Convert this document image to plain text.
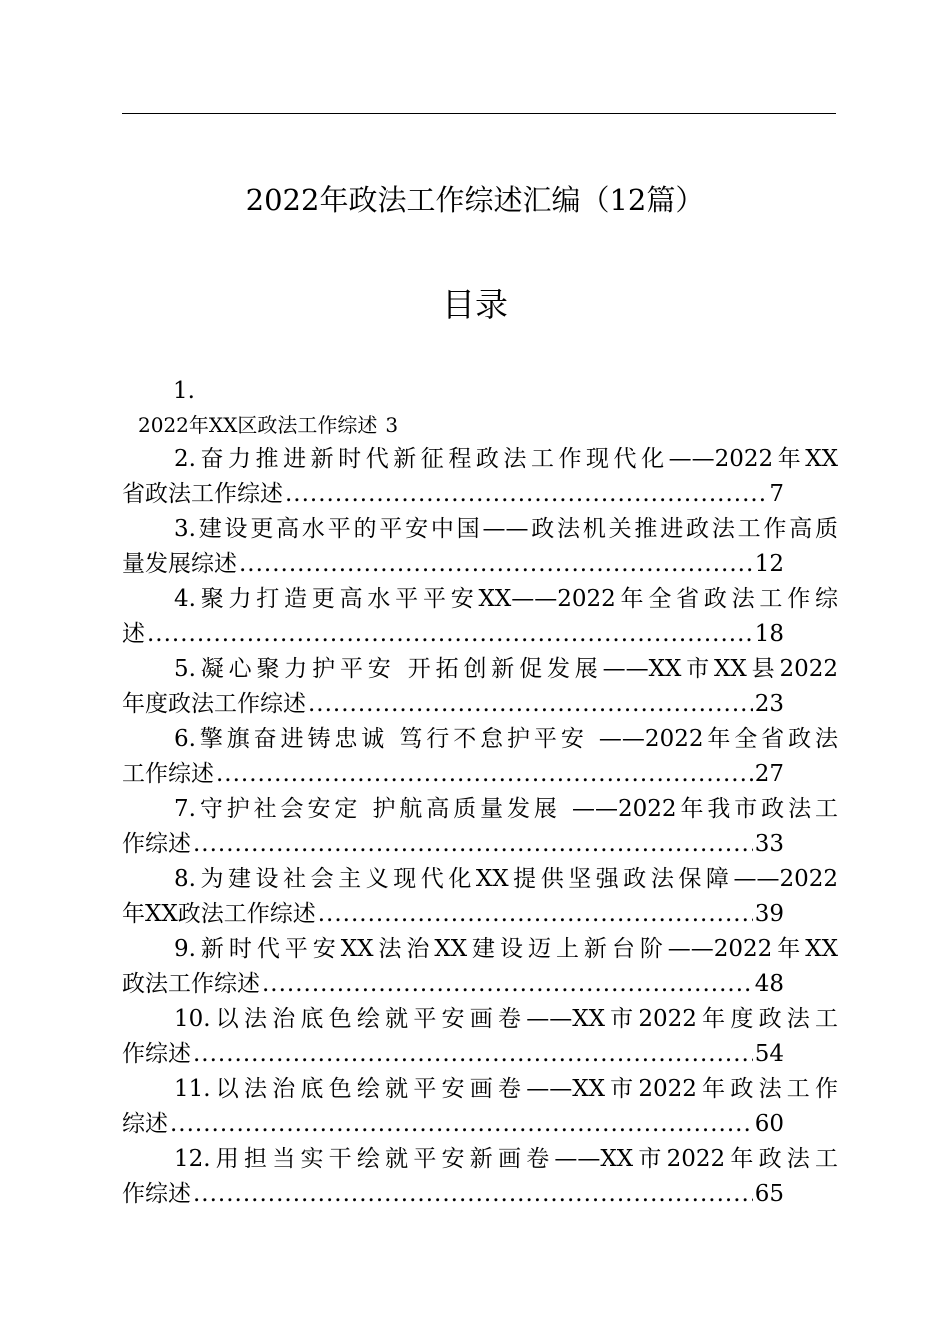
2022年政法工作综述汇编（12篇）
目录
1.
2022年XX区政法工作综述 3
2.奋力推进新时代新征程政法工作现代化——2022年XX
省政法工作综述 .....	7
3.建设更高水平的平安中国——政法机关推进政法工作高质
量发展综述 .....	12
4.聚力打造更高水平平安XX——2022年全省政法工作综
述 .....	18
5.凝心聚力护平安 开拓创新促发展——XX市XX县2022
年度政法工作综述 .....	23
6.擎旗奋进铸忠诚 笃行不怠护平安 ——2022年全省政法
工作综述 .....	27
7.守护社会安定 护航高质量发展 ——2022年我市政法工
作综述 .....	33
8.为建设社会主义现代化XX提供坚强政法保障——2022
年XX政法工作综述 .....	39
9.新时代平安XX法治XX建设迈上新台阶——2022年XX
政法工作综述 .....	48
10.以法治底色绘就平安画卷——XX市2022年度政法工
作综述 .....	54
11.以法治底色绘就平安画卷——XX市2022年政法工作
综述 .....	60
12.用担当实干绘就平安新画卷——XX市2022年政法工
作综述 .....	65
